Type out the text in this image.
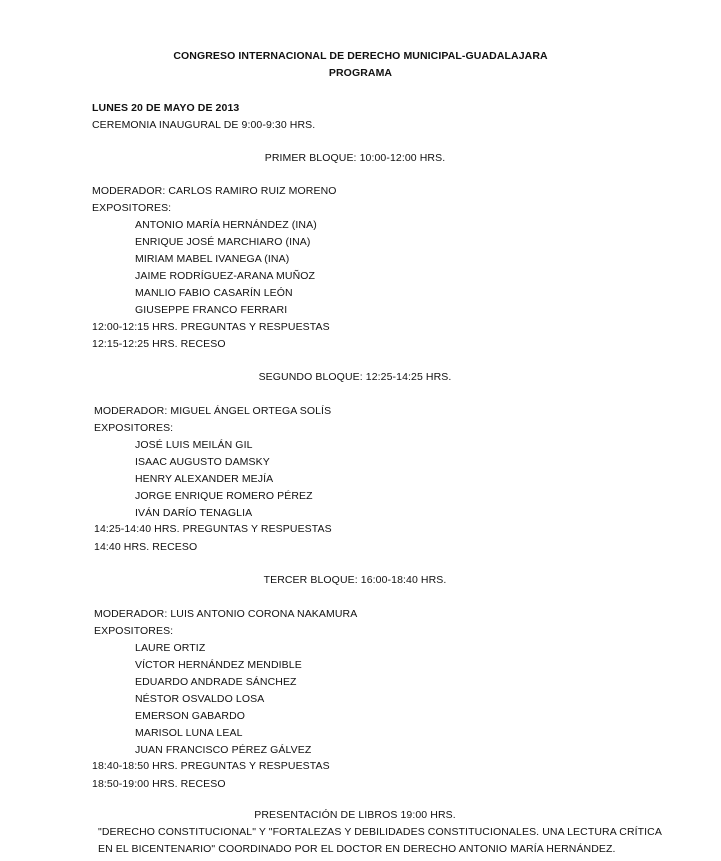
CONGRESO INTERNACIONAL DE DERECHO MUNICIPAL-GUADALAJARA
PROGRAMA
LUNES 20 DE MAYO DE 2013
CEREMONIA INAUGURAL DE 9:00-9:30 HRS.
PRIMER BLOQUE: 10:00-12:00 HRS.
MODERADOR: CARLOS RAMIRO RUIZ MORENO
EXPOSITORES:
ANTONIO MARÍA HERNÁNDEZ (INA)
ENRIQUE JOSÉ MARCHIARO (INA)
MIRIAM MABEL IVANEGA (INA)
JAIME RODRÍGUEZ-ARANA MUÑOZ
MANLIO FABIO CASARÍN LEÓN
GIUSEPPE FRANCO FERRARI
12:00-12:15 HRS. PREGUNTAS Y RESPUESTAS
12:15-12:25 HRS. RECESO
SEGUNDO BLOQUE: 12:25-14:25 HRS.
MODERADOR: MIGUEL ÁNGEL ORTEGA SOLÍS
EXPOSITORES:
JOSÉ LUIS MEILÁN GIL
ISAAC AUGUSTO DAMSKY
HENRY ALEXANDER MEJÍA
JORGE ENRIQUE ROMERO PÉREZ
IVÁN DARÍO TENAGLIA
14:25-14:40 HRS. PREGUNTAS Y RESPUESTAS
14:40 HRS. RECESO
TERCER BLOQUE: 16:00-18:40 HRS.
MODERADOR: LUIS ANTONIO CORONA NAKAMURA
EXPOSITORES:
LAURE ORTIZ
VÍCTOR HERNÁNDEZ MENDIBLE
EDUARDO ANDRADE SÁNCHEZ
NÉSTOR OSVALDO LOSA
EMERSON GABARDO
MARISOL LUNA LEAL
JUAN FRANCISCO PÉREZ GÁLVEZ
18:40-18:50 HRS. PREGUNTAS Y RESPUESTAS
18:50-19:00 HRS. RECESO
PRESENTACIÓN DE LIBROS 19:00 HRS.
"DERECHO CONSTITUCIONAL" Y "FORTALEZAS Y DEBILIDADES CONSTITUCIONALES. UNA LECTURA CRÍTICA
EN EL BICENTENARIO" COORDINADO POR EL DOCTOR EN DERECHO ANTONIO MARÍA HERNÁNDEZ.
